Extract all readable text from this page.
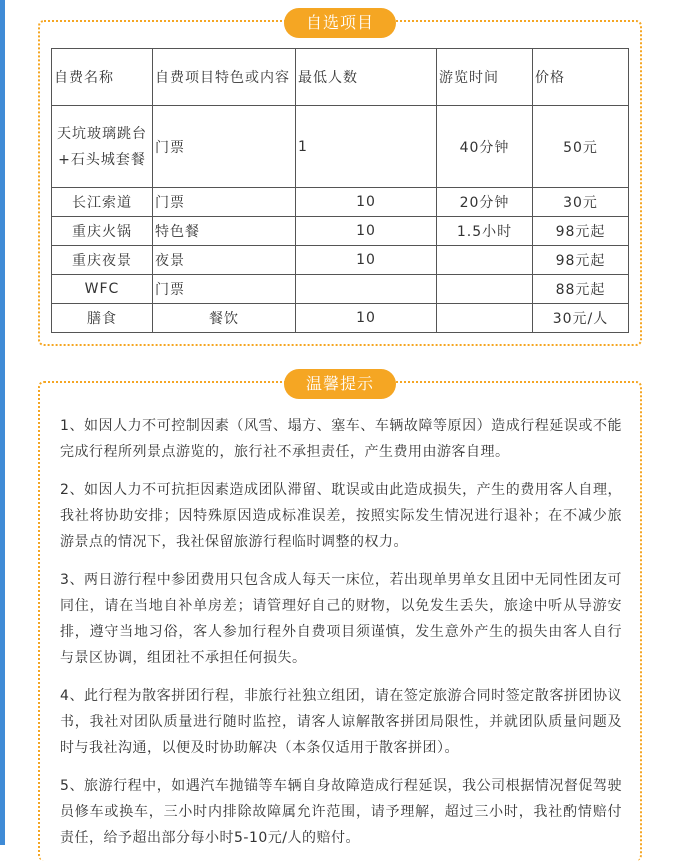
自选项目
自费名称	自费项目特色或内容	最低人数	游览时间	价格
天坑玻璃跳台+石头城套餐	门票	1	40分钟	50元
长江索道	门票	10	20分钟	30元
重庆火锅	特色餐	10	1.5小时	98元起
重庆夜景	夜景	10		98元起
WFC	门票			88元起
膳食	餐饮	10		30元/人
温馨提示

1、如因人力不可控制因素（风雪、塌方、塞车、车辆故障等原因）造成行程延误或不能完成行程所列景点游览的，旅行社不承担责任，产生费用由游客自理。

2、如因人力不可抗拒因素造成团队滞留、耽误或由此造成损失，产生的费用客人自理，我社将协助安排；因特殊原因造成标准误差，按照实际发生情况进行退补；在不减少旅游景点的情况下，我社保留旅游行程临时调整的权力。

3、两日游行程中参团费用只包含成人每天一床位，若出现单男单女且团中无同性团友可同住，请在当地自补单房差；请管理好自己的财物，以免发生丢失，旅途中听从导游安排，遵守当地习俗，客人参加行程外自费项目须谨慎，发生意外产生的损失由客人自行与景区协调，组团社不承担任何损失。

4、此行程为散客拼团行程，非旅行社独立组团，请在签定旅游合同时签定散客拼团协议书，我社对团队质量进行随时监控，请客人谅解散客拼团局限性，并就团队质量问题及时与我社沟通，以便及时协助解决（本条仅适用于散客拼团）。

5、旅游行程中，如遇汽车抛锚等车辆自身故障造成行程延误，我公司根据情况督促驾驶员修车或换车，三小时内排除故障属允许范围，请予理解，超过三小时，我社酌情赔付责任，给予超出部分每小时5-10元/人的赔付。
